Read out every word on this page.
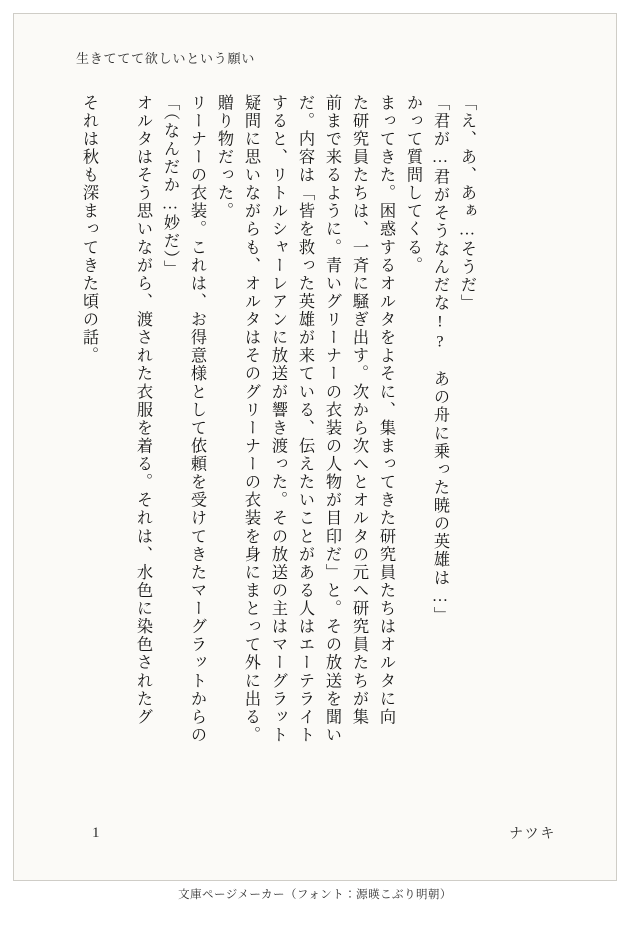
生きててて欲しいという願い
それは秋も深まってきた頃の話。	オルタはそう思いながら、渡された衣服を着る。それは、水色に染色されたグ 「（なんだか…妙だ）」 リーナーの衣装。これは、お得意様として依頼を受けてきたマーグラットからの 贈り物だった。 疑問に思いながらも、オルタはそのグリーナーの衣装を身にまとって外に出る。 すると、リトルシャーレアンに放送が響き渡った。その放送の主はマーグラット だ。内容は「皆を救った英雄が来ている、伝えたいことがある人はエーテライト 前まで来るように。青いグリーナーの衣装の人物が目印だ」と。その放送を聞い た研究員たちは、一斉に騒ぎ出す。次から次へとオルタの元へ研究員たちが集 まってきた。困惑するオルタをよそに、集まってきた研究員たちはオルタに向 かって質問してくる。 「君が…君がそうなんだな!?　あの舟に乗った暁の英雄は…」 「え、あ、あぁ…そうだ」
1	ナツキ
文庫ページメーカー（フォント：源暎こぶり明朝）
